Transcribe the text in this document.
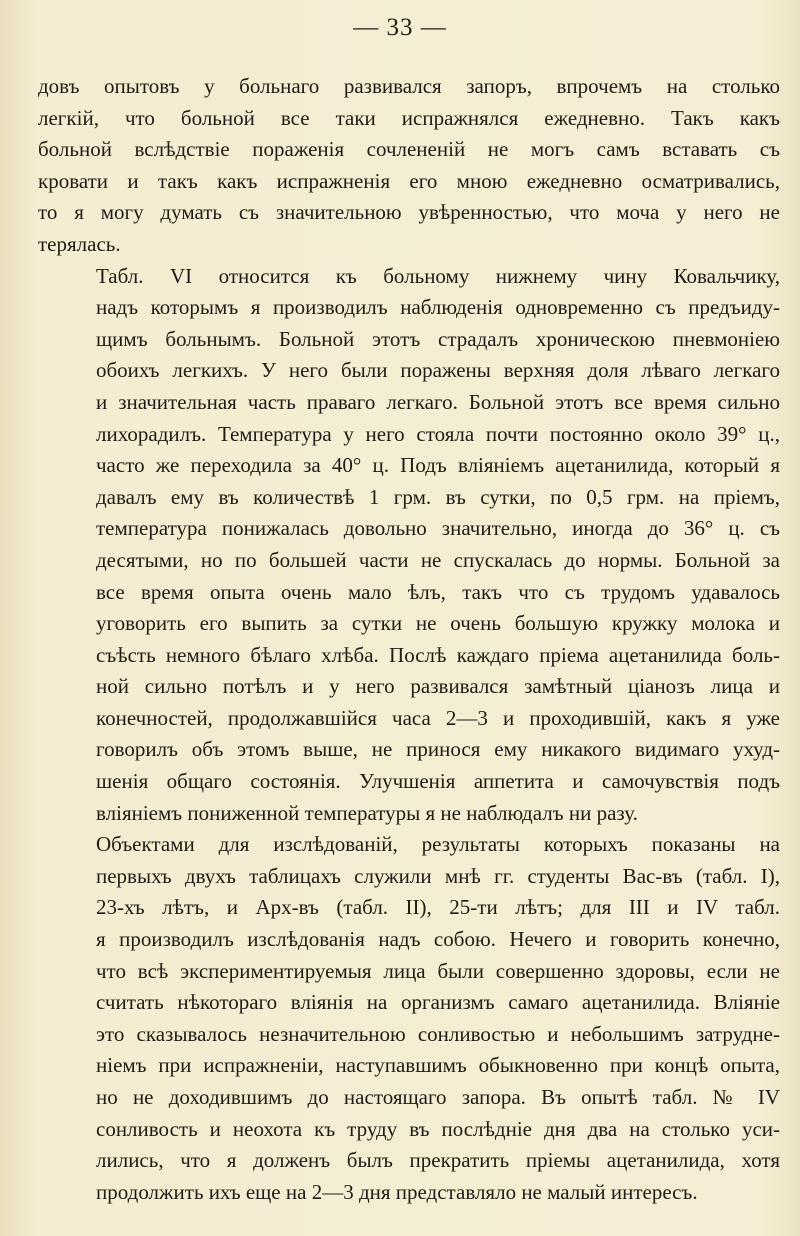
— 33 —
довъ опытовъ у больнаго развивался запоръ, впрочемъ на столько
легкій, что больной все таки испражнялся ежедневно. Такъ какъ
больной вслѣдствіе пораженія сочлененій не могъ самъ вставать съ
кровати и такъ какъ испражненія его мною ежедневно осматривались,
то я могу думать съ значительною увѣренностью, что моча у него не
терялась.
Табл. VI относится къ больному нижнему чину Ковальчику,
надъ которымъ я производилъ наблюденія одновременно съ предъиду-
щимъ больнымъ. Больной этотъ страдалъ хроническою пневмоніею
обоихъ легкихъ. У него были поражены верхняя доля лѣваго легкаго
и значительная часть праваго легкаго. Больной этотъ все время сильно
лихорадилъ. Температура у него стояла почти постоянно около 39° ц.,
часто же переходила за 40° ц. Подъ вліяніемъ ацетанилида, который я
давалъ ему въ количествѣ 1 грм. въ сутки, по 0,5 грм. на пріемъ,
температура понижалась довольно значительно, иногда до 36° ц. съ
десятыми, но по большей части не спускалась до нормы. Больной за
все время опыта очень мало ѣлъ, такъ что съ трудомъ удавалось
уговорить его выпить за сутки не очень большую кружку молока и
съѣсть немного бѣлаго хлѣба. Послѣ каждаго пріема ацетанилида боль-
ной сильно потѣлъ и у него развивался замѣтный ціанозъ лица и
конечностей, продолжавшійся часа 2—3 и проходившій, какъ я уже
говорилъ объ этомъ выше, не принося ему никакого видимаго ухуд-
шенія общаго состоянія. Улучшенія аппетита и самочувствія подъ
вліяніемъ пониженной температуры я не наблюдалъ ни разу.
Объектами для изслѣдованій, результаты которыхъ показаны на
первыхъ двухъ таблицахъ служили мнѣ гг. студенты Вас-въ (табл. I),
23-хъ лѣтъ, и Арх-въ (табл. II), 25-ти лѣтъ; для III и IV табл.
я производилъ изслѣдованія надъ собою. Нечего и говорить конечно,
что всѣ экспериментируемыя лица были совершенно здоровы, если не
считать нѣкотораго вліянія на организмъ самаго ацетанилида. Вліяніе
это сказывалось незначительною сонливостью и небольшимъ затрудне-
ніемъ при испражненіи, наступавшимъ обыкновенно при концѣ опыта,
но не доходившимъ до настоящаго запора. Въ опытѣ табл. № IV
сонливость и неохота къ труду въ послѣдніе дня два на столько уси-
лились, что я долженъ былъ прекратить пріемы ацетанилида, хотя
продолжить ихъ еще на 2—3 дня представляло не малый интересъ.
